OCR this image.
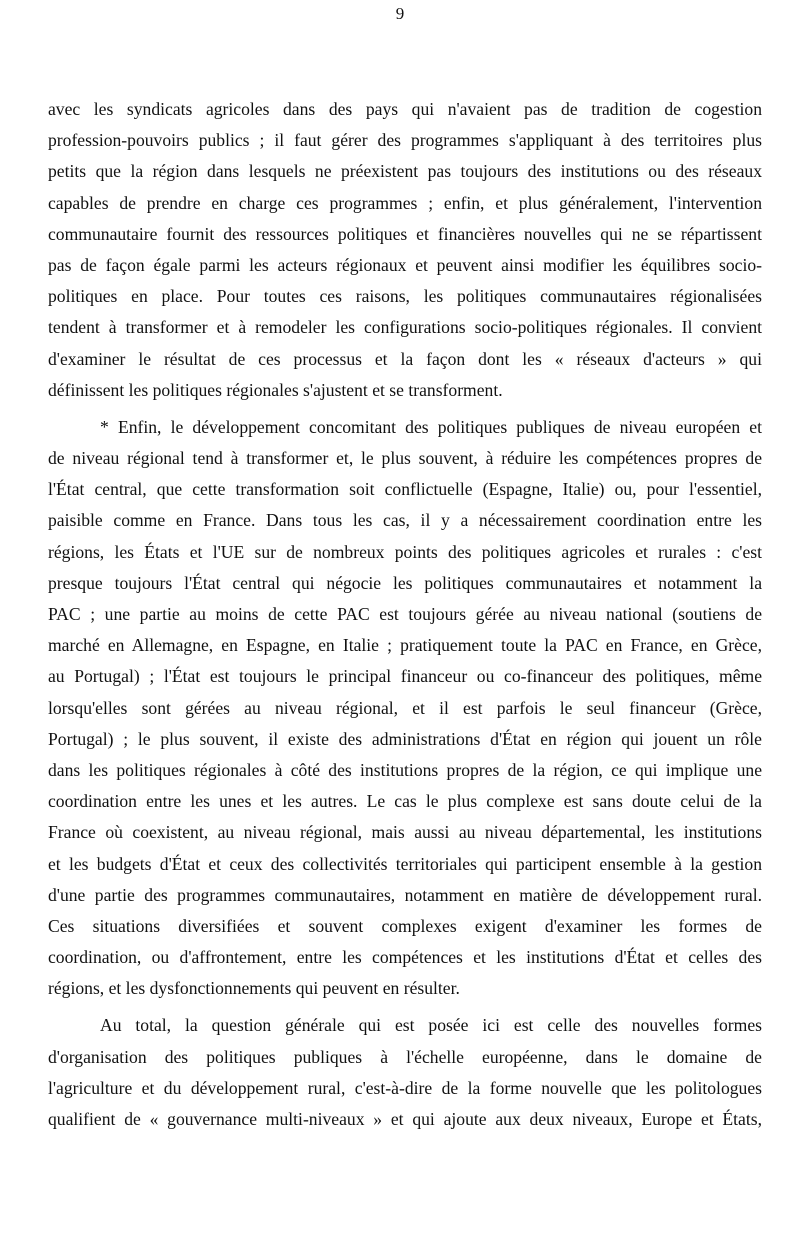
9
avec les syndicats agricoles dans des pays qui n'avaient pas de tradition de cogestion
profession-pouvoirs publics ; il faut gérer des programmes s'appliquant à des territoires plus
petits que la région dans lesquels ne préexistent pas toujours des institutions ou des réseaux
capables de prendre en charge ces programmes ; enfin, et plus généralement, l'intervention
communautaire fournit des ressources politiques et financières nouvelles qui ne se répartissent
pas de façon égale parmi les acteurs régionaux et peuvent ainsi modifier les équilibres socio-
politiques en place. Pour toutes ces raisons, les politiques communautaires régionalisées
tendent à transformer et à remodeler les configurations socio-politiques régionales. Il convient
d'examiner le résultat de ces processus et la façon dont les « réseaux d'acteurs » qui
définissent les politiques régionales s'ajustent et se transforment.
* Enfin, le développement concomitant des politiques publiques de niveau européen et
de niveau régional tend à transformer et, le plus souvent, à réduire les compétences propres de
l'État central, que cette transformation soit conflictuelle (Espagne, Italie) ou, pour l'essentiel,
paisible comme en France. Dans tous les cas, il y a nécessairement coordination entre les
régions, les États et l'UE sur de nombreux points des politiques agricoles et rurales : c'est
presque toujours l'État central qui négocie les politiques communautaires et notamment la
PAC ; une partie au moins de cette PAC est toujours gérée au niveau national (soutiens de
marché en Allemagne, en Espagne, en Italie ; pratiquement toute la PAC en France, en Grèce,
au Portugal) ; l'État est toujours le principal financeur ou co-financeur des politiques, même
lorsqu'elles sont gérées au niveau régional, et il est parfois le seul financeur (Grèce,
Portugal) ; le plus souvent, il existe des administrations d'État en région qui jouent un rôle
dans les politiques régionales à côté des institutions propres de la région, ce qui implique une
coordination entre les unes et les autres. Le cas le plus complexe est sans doute celui de la
France où coexistent, au niveau régional, mais aussi au niveau départemental, les institutions
et les budgets d'État et ceux des collectivités territoriales qui participent ensemble à la gestion
d'une partie des programmes communautaires, notamment en matière de développement rural.
Ces situations diversifiées et souvent complexes exigent d'examiner les formes de
coordination, ou d'affrontement, entre les compétences et les institutions d'État et celles des
régions, et les dysfonctionnements qui peuvent en résulter.
Au total, la question générale qui est posée ici est celle des nouvelles formes
d'organisation des politiques publiques à l'échelle européenne, dans le domaine de
l'agriculture et du développement rural, c'est-à-dire de la forme nouvelle que les politologues
qualifient de « gouvernance multi-niveaux » et qui ajoute aux deux niveaux, Europe et États,
